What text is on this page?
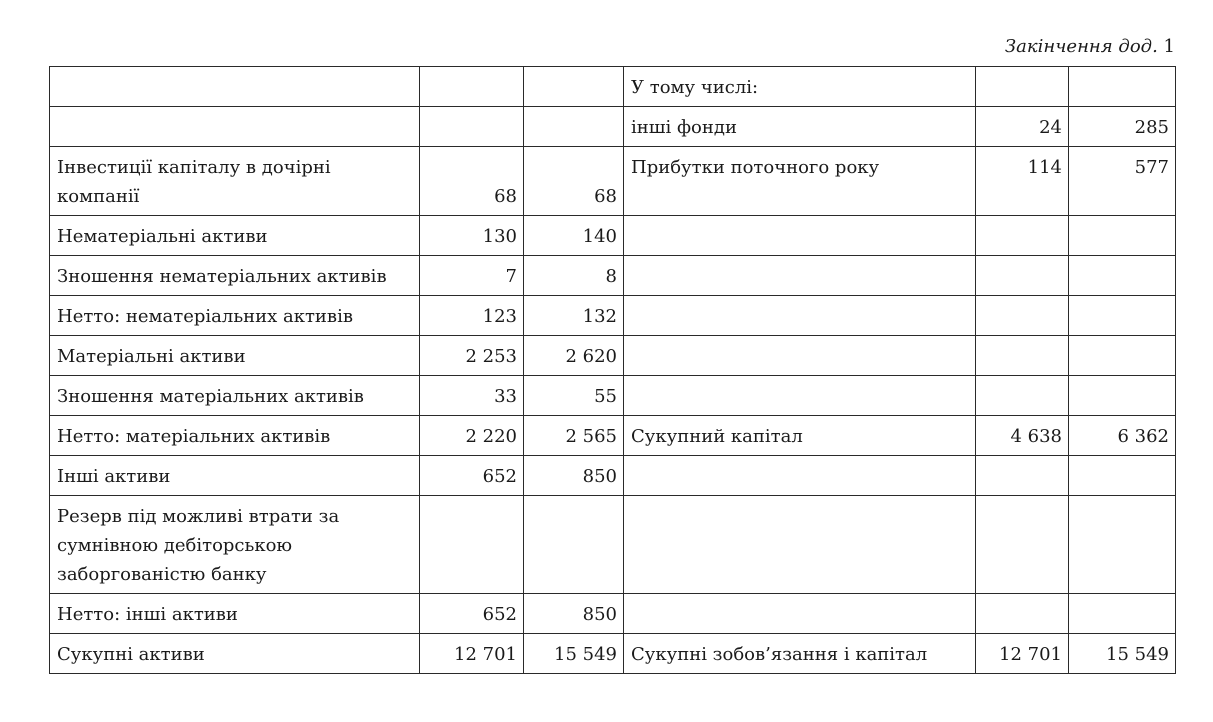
Закінчення дод. 1
			У тому числі:		
			інші фонди	24	285
Інвестиції капіталу в дочірні компанії	68	68	Прибутки поточного року	114	577
Нематеріальні активи	130	140			
Зношення нематеріальних активів	7	8			
Нетто: нематеріальних активів	123	132			
Матеріальні активи	2 253	2 620			
Зношення матеріальних активів	33	55			
Нетто: матеріальних активів	2 220	2 565	Сукупний капітал	4 638	6 362
Інші активи	652	850			
Резерв під можливі втрати за сумнівною дебіторською заборгованістю банку					
Нетто: інші активи	652	850			
Сукупні активи	12 701	15 549	Сукупні зобов’язання і капітал	12 701	15 549
